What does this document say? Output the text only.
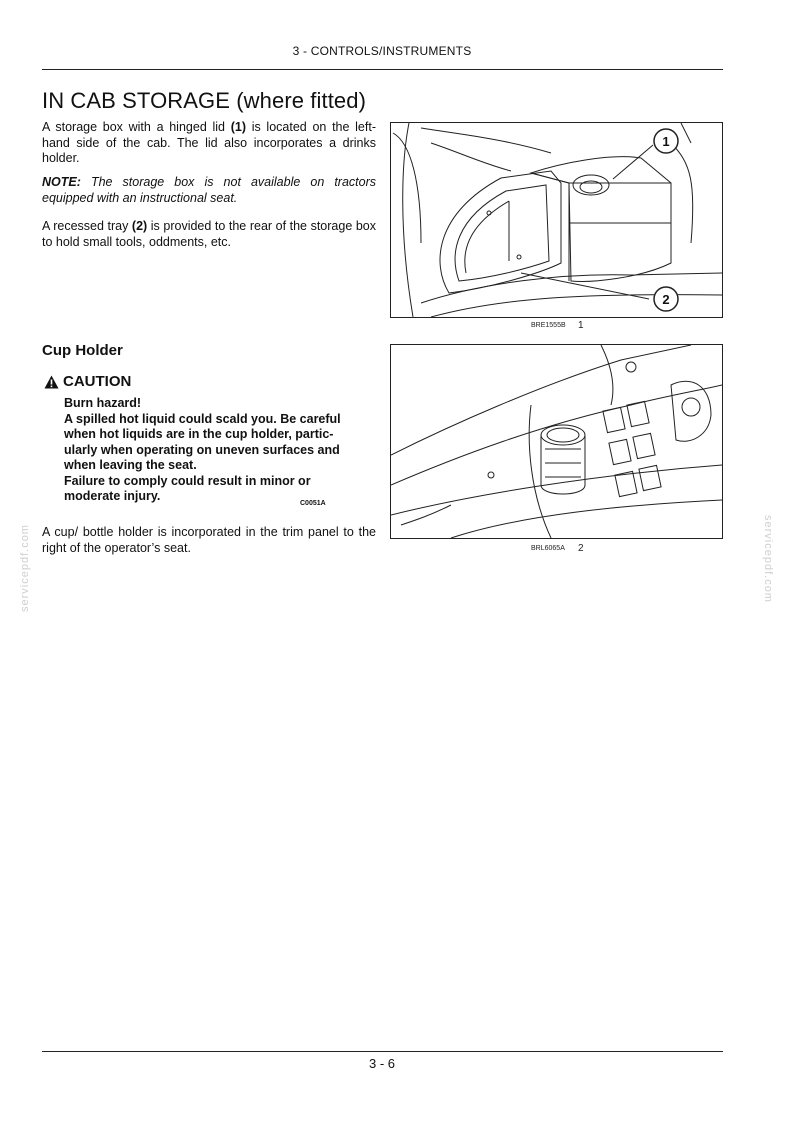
3 - CONTROLS/INSTRUMENTS
IN CAB STORAGE (where fitted)

A storage box with a hinged lid (1) is located on the left-hand side of the cab. The lid also incorporates a drinks holder.

NOTE: The storage box is not available on tractors equipped with an instructional seat.

A recessed tray (2) is provided to the rear of the storage box to hold small tools, oddments, etc.

1
2
BRE1555B 1
Cup Holder
CAUTION
Burn hazard!
A spilled hot liquid could scald you. Be careful
when hot liquids are in the cup holder, partic-
ularly when operating on uneven surfaces and
when leaving the seat.
Failure to comply could result in minor or
moderate injury.
C0051A

A cup/ bottle holder is incorporated in the trim panel to the right of the operator’s seat.	BRL6065A 2
servicepdf.com	servicepdf.com
3 - 6
